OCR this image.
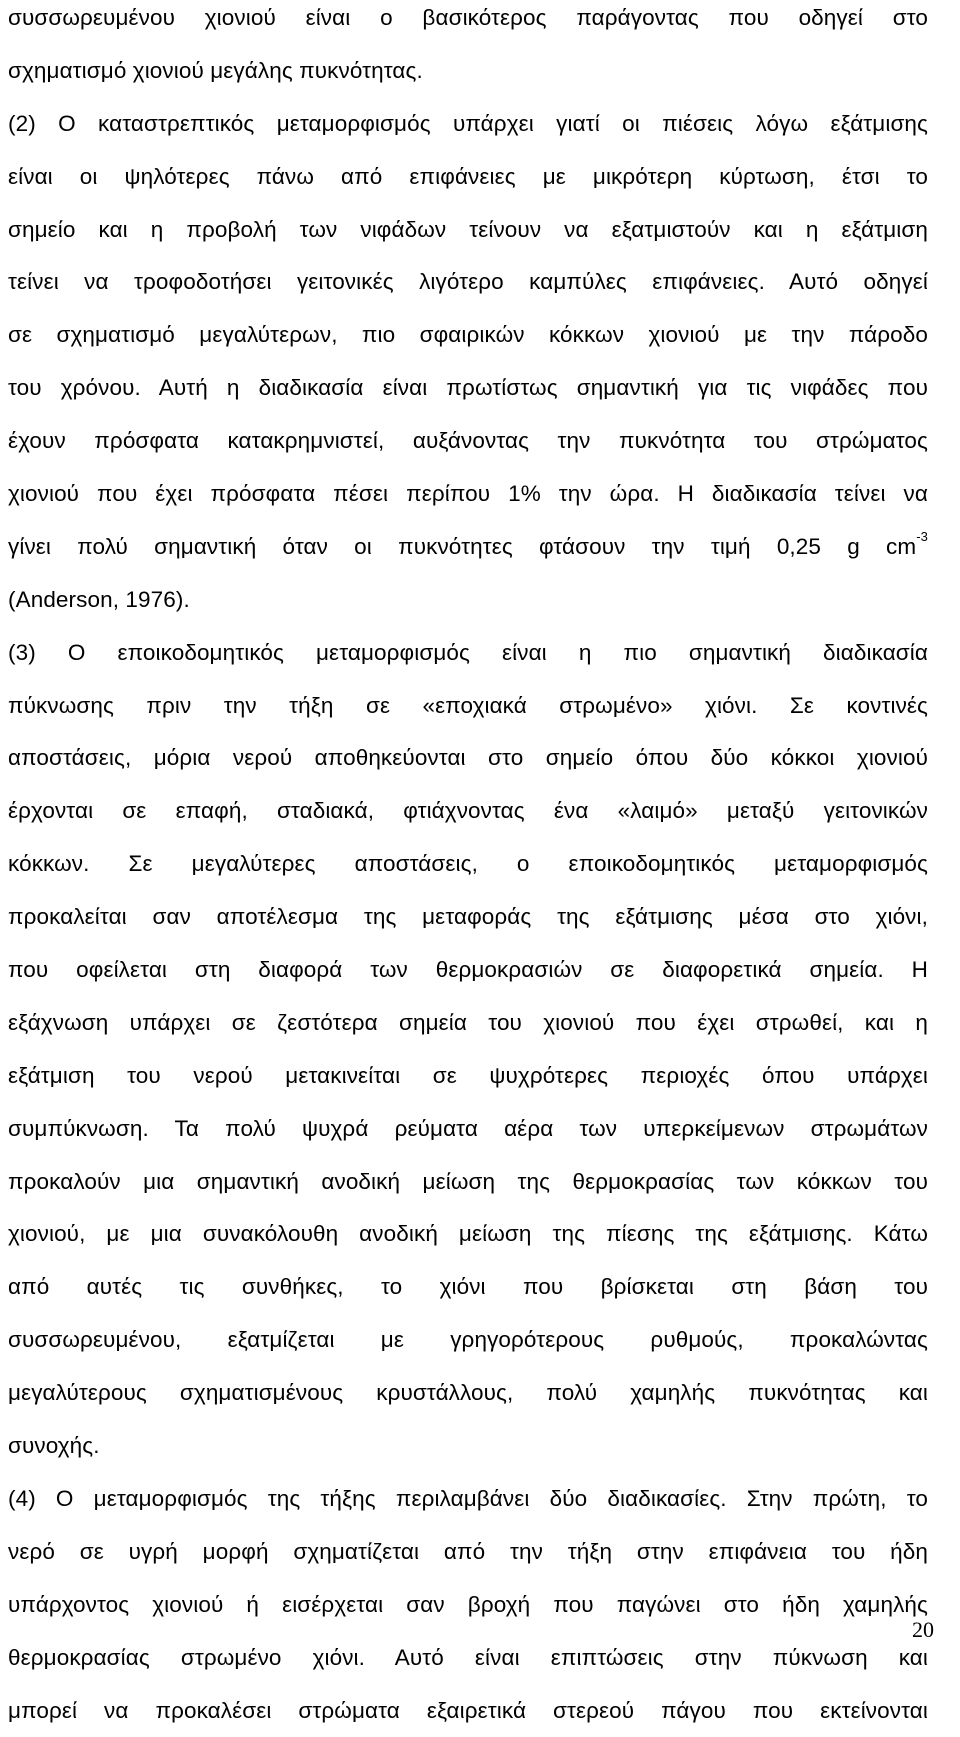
συσσωρευμένου χιονιού είναι ο βασικότερος παράγοντας που οδηγεί στο
σχηματισμό χιονιού μεγάλης πυκνότητας.
(2) Ο καταστρεπτικός μεταμορφισμός υπάρχει γιατί οι πιέσεις λόγω εξάτμισης
είναι οι ψηλότερες πάνω από επιφάνειες με μικρότερη κύρτωση, έτσι το
σημείο και η προβολή των νιφάδων τείνουν να εξατμιστούν και η εξάτμιση
τείνει να τροφοδοτήσει γειτονικές λιγότερο καμπύλες επιφάνειες. Αυτό οδηγεί
σε σχηματισμό μεγαλύτερων, πιο σφαιρικών κόκκων χιονιού με την πάροδο
του χρόνου. Αυτή η διαδικασία είναι πρωτίστως σημαντική για τις νιφάδες που
έχουν πρόσφατα κατακρημνιστεί, αυξάνοντας την πυκνότητα του στρώματος
χιονιού που έχει πρόσφατα πέσει περίπου 1% την ώρα. Η διαδικασία τείνει να
γίνει πολύ σημαντική όταν οι πυκνότητες φτάσουν την τιμή 0,25 g $cm^{-3}$
(Anderson, 1976).
(3) Ο εποικοδομητικός μεταμορφισμός είναι η πιο σημαντική διαδικασία
πύκνωσης πριν την τήξη σε «εποχιακά στρωμένο» χιόνι. Σε κοντινές
αποστάσεις, μόρια νερού αποθηκεύονται στο σημείο όπου δύο κόκκοι χιονιού
έρχονται σε επαφή, σταδιακά, φτιάχνοντας ένα «λαιμό» μεταξύ γειτονικών
κόκκων. Σε μεγαλύτερες αποστάσεις, ο εποικοδομητικός μεταμορφισμός
προκαλείται σαν αποτέλεσμα της μεταφοράς της εξάτμισης μέσα στο χιόνι,
που οφείλεται στη διαφορά των θερμοκρασιών σε διαφορετικά σημεία. Η
εξάχνωση υπάρχει σε ζεστότερα σημεία του χιονιού που έχει στρωθεί, και η
εξάτμιση του νερού μετακινείται σε ψυχρότερες περιοχές όπου υπάρχει
συμπύκνωση. Τα πολύ ψυχρά ρεύματα αέρα των υπερκείμενων στρωμάτων
προκαλούν μια σημαντική ανοδική μείωση της θερμοκρασίας των κόκκων του
χιονιού, με μια συνακόλουθη ανοδική μείωση της πίεσης της εξάτμισης. Κάτω
από αυτές τις συνθήκες, το χιόνι που βρίσκεται στη βάση του
συσσωρευμένου, εξατμίζεται με γρηγορότερους ρυθμούς, προκαλώντας
μεγαλύτερους σχηματισμένους κρυστάλλους, πολύ χαμηλής πυκνότητας και
συνοχής.
(4) Ο μεταμορφισμός της τήξης περιλαμβάνει δύο διαδικασίες. Στην πρώτη, το
νερό σε υγρή μορφή σχηματίζεται από την τήξη στην επιφάνεια του ήδη
υπάρχοντος χιονιού ή εισέρχεται σαν βροχή που παγώνει στο ήδη χαμηλής
θερμοκρασίας στρωμένο χιόνι. Αυτό είναι επιπτώσεις στην πύκνωση και
μπορεί να προκαλέσει στρώματα εξαιρετικά στερεού πάγου που εκτείνονται
20
